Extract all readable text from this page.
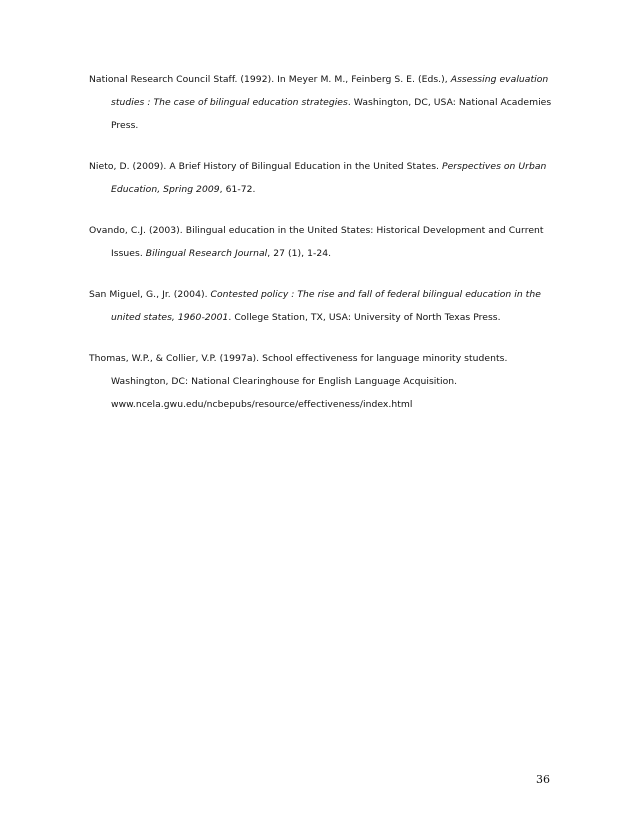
National Research Council Staff. (1992). In Meyer M. M., Feinberg S. E. (Eds.), Assessing evaluation studies : The case of bilingual education strategies. Washington, DC, USA: National Academies Press.

Nieto, D. (2009). A Brief History of Bilingual Education in the United States. Perspectives on Urban Education, Spring 2009, 61-72.

Ovando, C.J. (2003). Bilingual education in the United States: Historical Development and Current Issues. Bilingual Research Journal, 27 (1), 1-24.

San Miguel, G., Jr. (2004). Contested policy : The rise and fall of federal bilingual education in the united states, 1960-2001. College Station, TX, USA: University of North Texas Press.

Thomas, W.P., & Collier, V.P. (1997a). School effectiveness for language minority students. Washington, DC: National Clearinghouse for English Language Acquisition. www.ncela.gwu.edu/ncbepubs/resource/effectiveness/index.html

36
